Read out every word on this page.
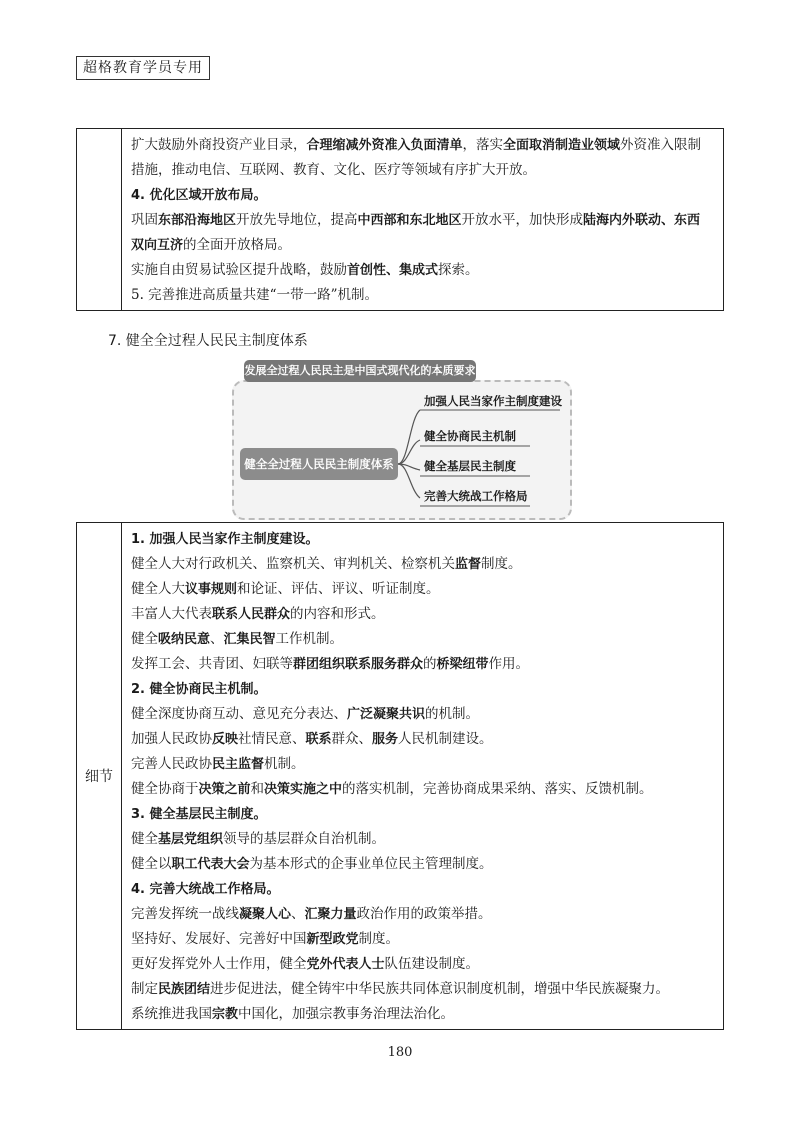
超格教育学员专用

扩大鼓励外商投资产业目录，合理缩减外资准入负面清单，落实全面取消制造业领域外资准入限制
措施，推动电信、互联网、教育、文化、医疗等领域有序扩大开放。
4. 优化区域开放布局。
巩固东部沿海地区开放先导地位，提高中西部和东北地区开放水平，加快形成陆海内外联动、东西
双向互济的全面开放格局。
实施自由贸易试验区提升战略，鼓励首创性、集成式探索。
5. 完善推进高质量共建“一带一路”机制。
7. 健全全过程人民民主制度体系
发展全过程人民民主是中国式现代化的本质要求
健全全过程人民民主制度体系
加强人民当家作主制度建设
健全协商民主机制
健全基层民主制度
完善大统战工作格局
细节	
1. 加强人民当家作主制度建设。
健全人大对行政机关、监察机关、审判机关、检察机关监督制度。
健全人大议事规则和论证、评估、评议、听证制度。
丰富人大代表联系人民群众的内容和形式。
健全吸纳民意、汇集民智工作机制。
发挥工会、共青团、妇联等群团组织联系服务群众的桥梁纽带作用。
2. 健全协商民主机制。
健全深度协商互动、意见充分表达、广泛凝聚共识的机制。
加强人民政协反映社情民意、联系群众、服务人民机制建设。
完善人民政协民主监督机制。
健全协商于决策之前和决策实施之中的落实机制，完善协商成果采纳、落实、反馈机制。
3. 健全基层民主制度。
健全基层党组织领导的基层群众自治机制。
健全以职工代表大会为基本形式的企事业单位民主管理制度。
4. 完善大统战工作格局。
完善发挥统一战线凝聚人心、汇聚力量政治作用的政策举措。
坚持好、发展好、完善好中国新型政党制度。
更好发挥党外人士作用，健全党外代表人士队伍建设制度。
制定民族团结进步促进法，健全铸牢中华民族共同体意识制度机制，增强中华民族凝聚力。
系统推进我国宗教中国化，加强宗教事务治理法治化。
180
